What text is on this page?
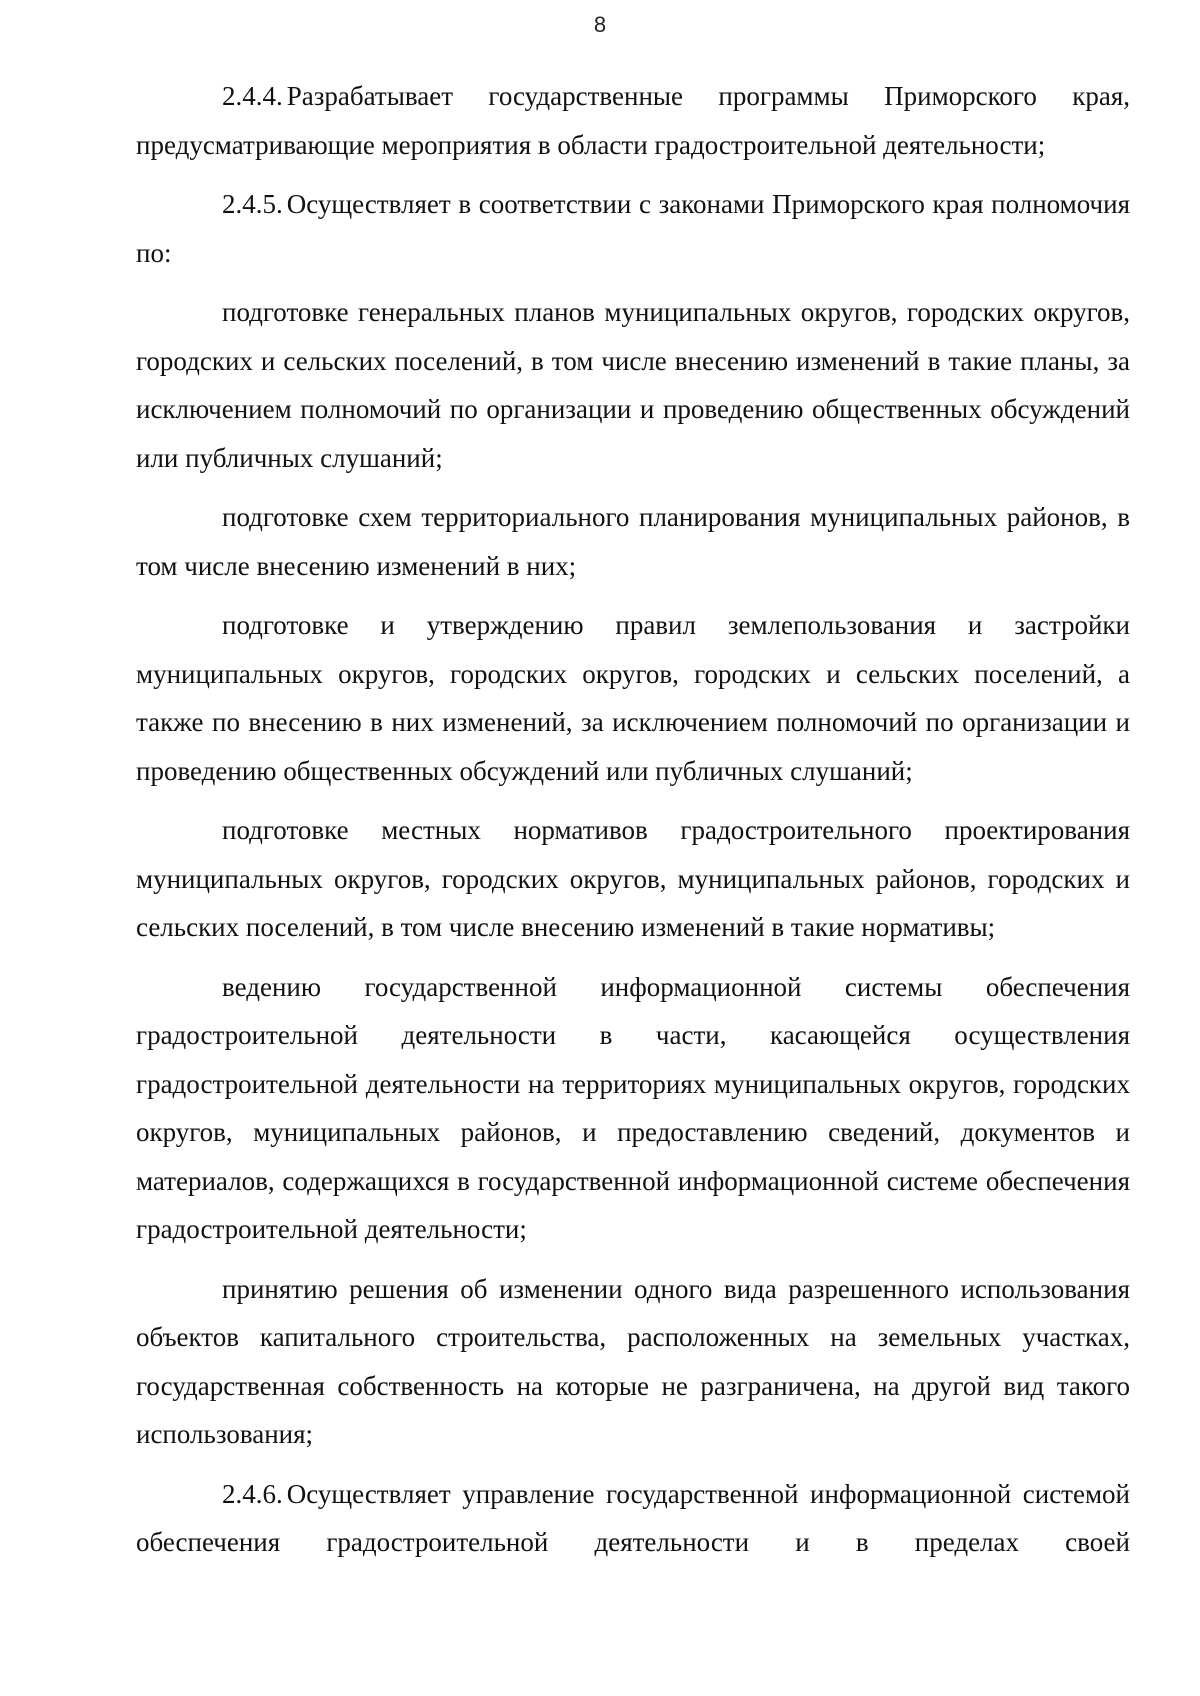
8

2.4.4. Разрабатывает государственные программы Приморского края, предусматривающие мероприятия в области градостроительной деятельности;

2.4.5. Осуществляет в соответствии с законами Приморского края полномочия по:

подготовке генеральных планов муниципальных округов, городских округов, городских и сельских поселений, в том числе внесению изменений в такие планы, за исключением полномочий по организации и проведению общественных обсуждений или публичных слушаний;

подготовке схем территориального планирования муниципальных районов, в том числе внесению изменений в них;

подготовке и утверждению правил землепользования и застройки муниципальных округов, городских округов, городских и сельских поселений, а также по внесению в них изменений, за исключением полномочий по организации и проведению общественных обсуждений или публичных слушаний;

подготовке местных нормативов градостроительного проектирования муниципальных округов, городских округов, муниципальных районов, городских и сельских поселений, в том числе внесению изменений в такие нормативы;

ведению государственной информационной системы обеспечения градостроительной деятельности в части, касающейся осуществления градостроительной деятельности на территориях муниципальных округов, городских округов, муниципальных районов, и предоставлению сведений, документов и материалов, содержащихся в государственной информационной системе обеспечения градостроительной деятельности;

принятию решения об изменении одного вида разрешенного использования объектов капитального строительства, расположенных на земельных участках, государственная собственность на которые не разграничена, на другой вид такого использования;

2.4.6. Осуществляет управление государственной информационной системой обеспечения градостроительной деятельности и в пределах своей
